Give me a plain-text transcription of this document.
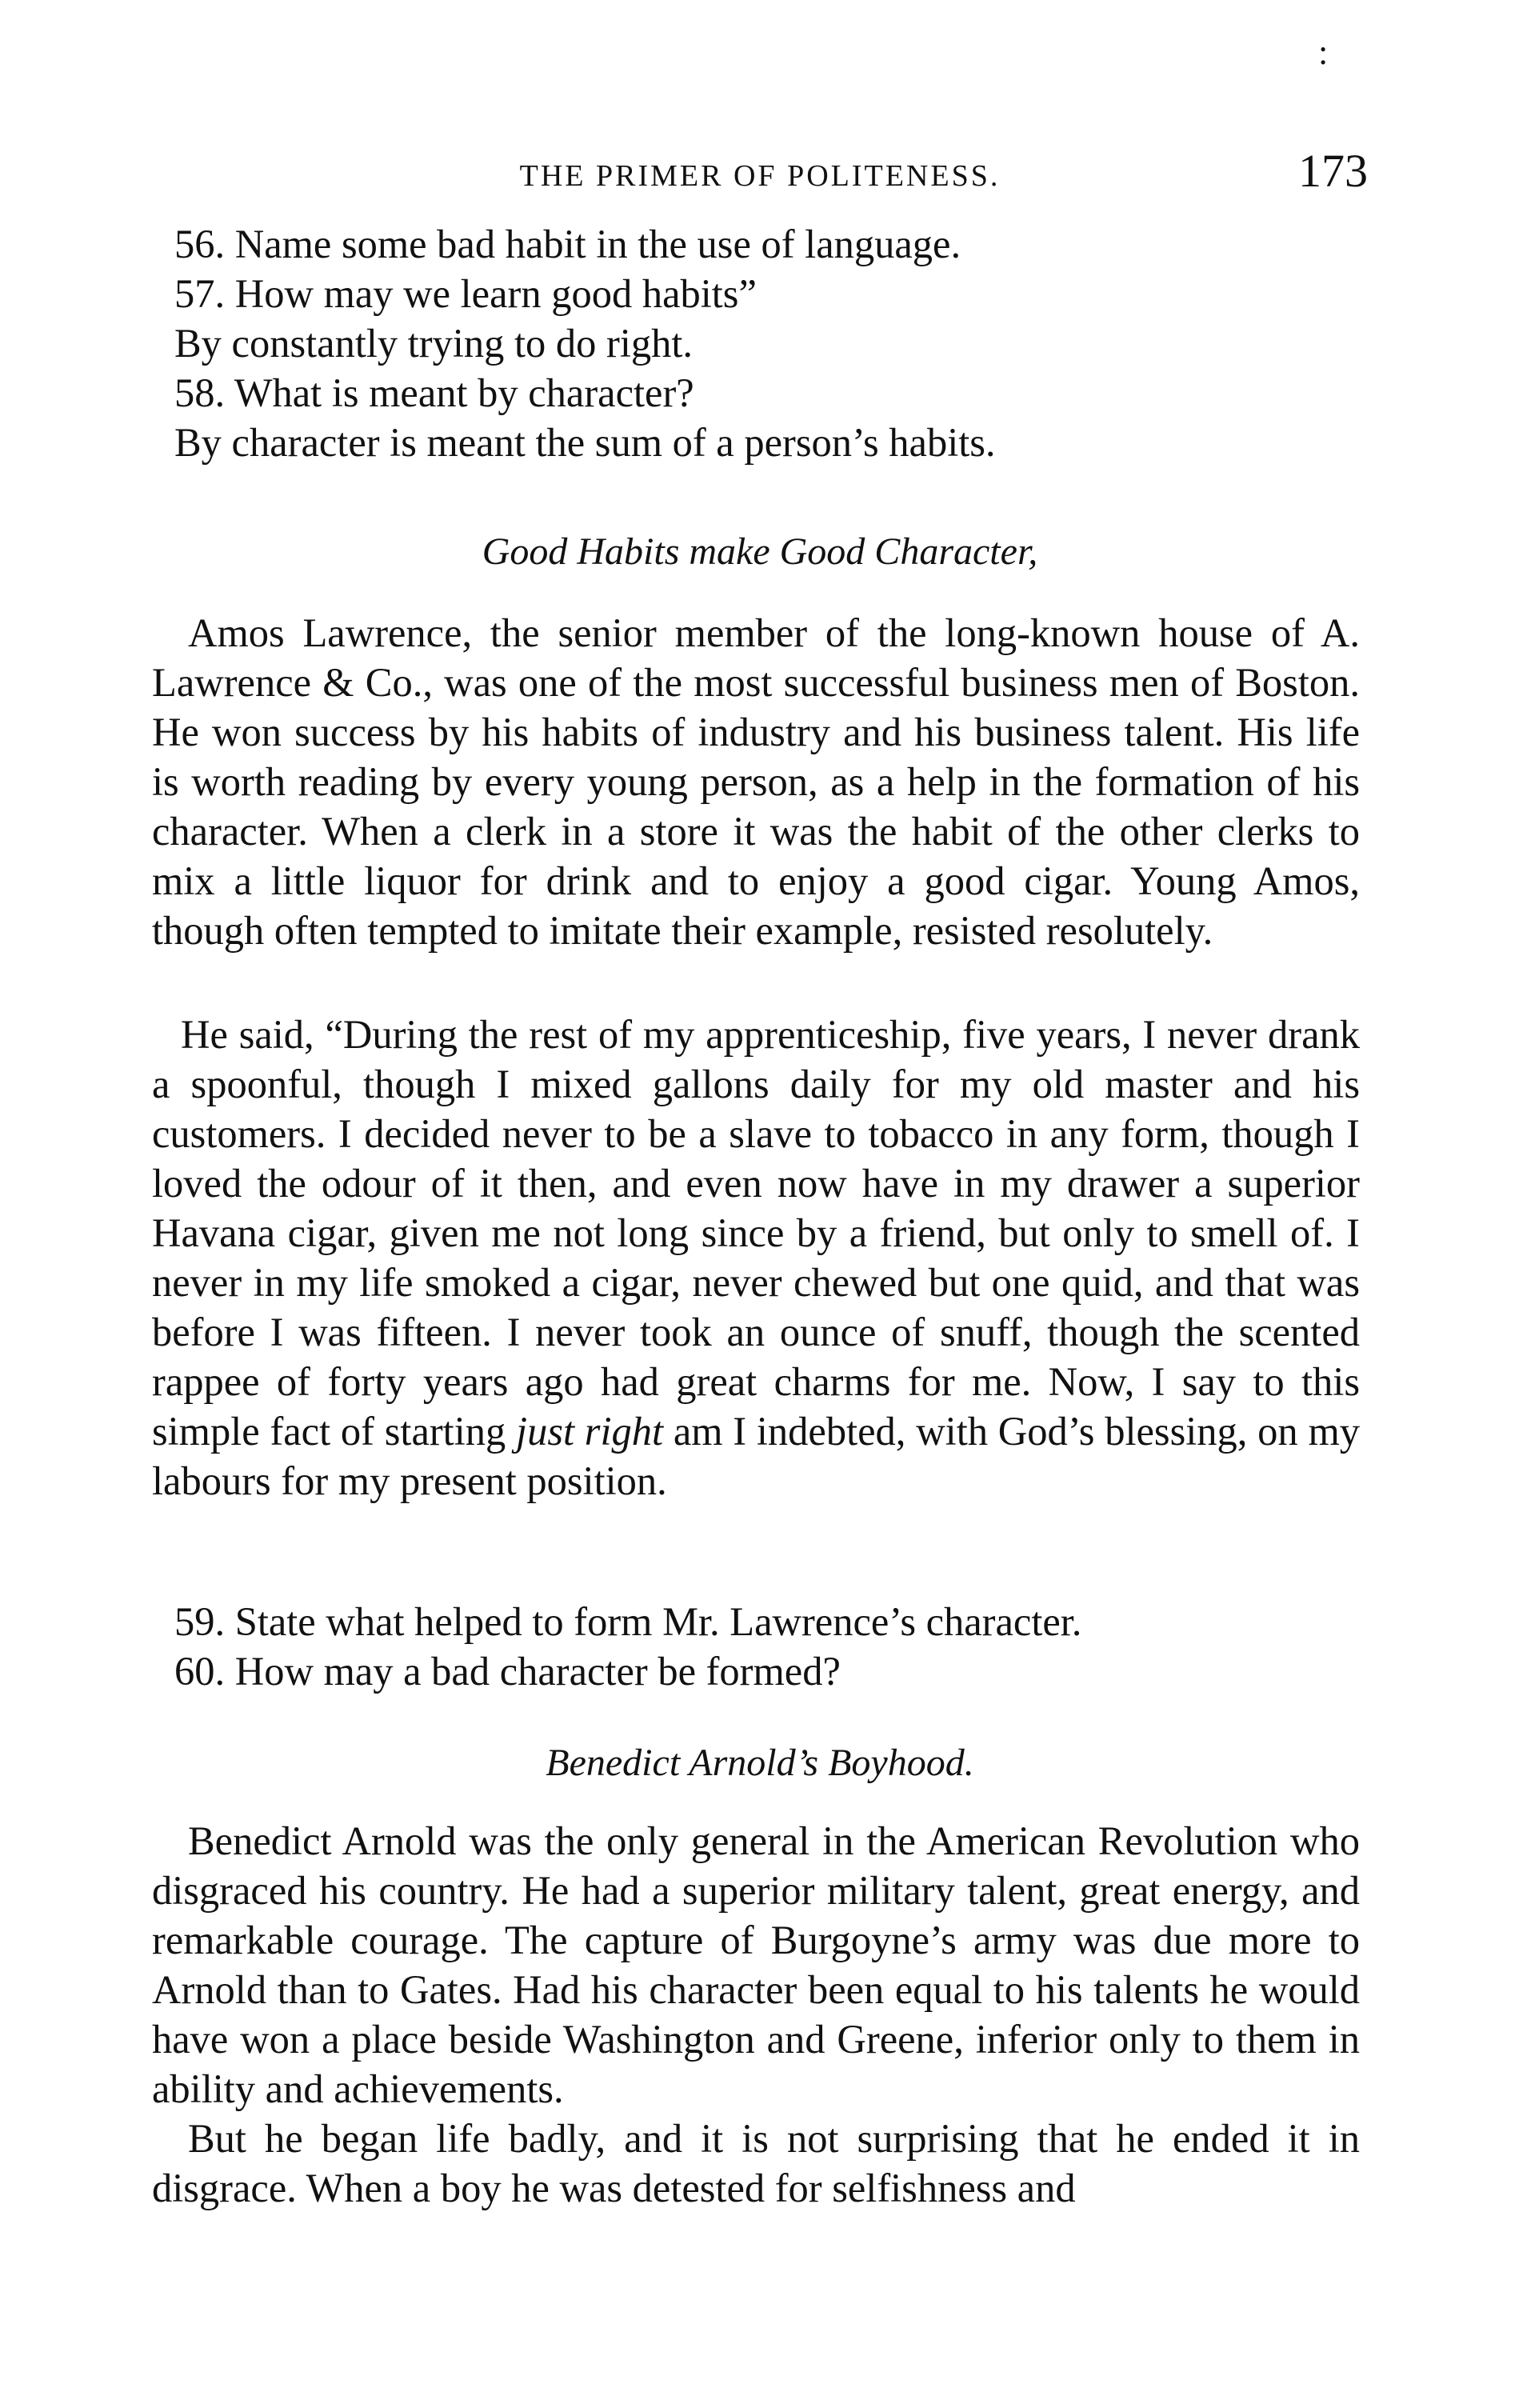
:
THE PRIMER OF POLITENESS.	173
56. Name some bad habit in the use of language.
57. How may we learn good habits”
By constantly trying to do right.
58. What is meant by character?
By character is meant the sum of a person’s habits.
Good Habits make Good Character,

Amos Lawrence, the senior member of the long-known house of A. Lawrence & Co., was one of the most successful business men of Boston. He won success by his habits of industry and his business talent. His life is worth reading by every young person, as a help in the formation of his character. When a clerk in a store it was the habit of the other clerks to mix a little liquor for drink and to enjoy a good cigar. Young Amos, though often tempted to imitate their example, resisted resolutely.

He said, “During the rest of my apprenticeship, five years, I never drank a spoonful, though I mixed gallons daily for my old master and his customers. I decided never to be a slave to tobacco in any form, though I loved the odour of it then, and even now have in my drawer a superior Havana cigar, given me not long since by a friend, but only to smell of. I never in my life smoked a cigar, never chewed but one quid, and that was before I was fifteen. I never took an ounce of snuff, though the scented rappee of forty years ago had great charms for me. Now, I say to this simple fact of starting just right am I indebted, with God’s blessing, on my labours for my present position.

59. State what helped to form Mr. Lawrence’s character.
60. How may a bad character be formed?
Benedict Arnold’s Boyhood.

Benedict Arnold was the only general in the American Revolution who disgraced his country. He had a superior military talent, great energy, and remarkable courage. The capture of Burgoyne’s army was due more to Arnold than to Gates. Had his character been equal to his talents he would have won a place beside Washington and Greene, inferior only to them in ability and achievements.

But he began life badly, and it is not surprising that he ended it in disgrace. When a boy he was detested for selfishness and
